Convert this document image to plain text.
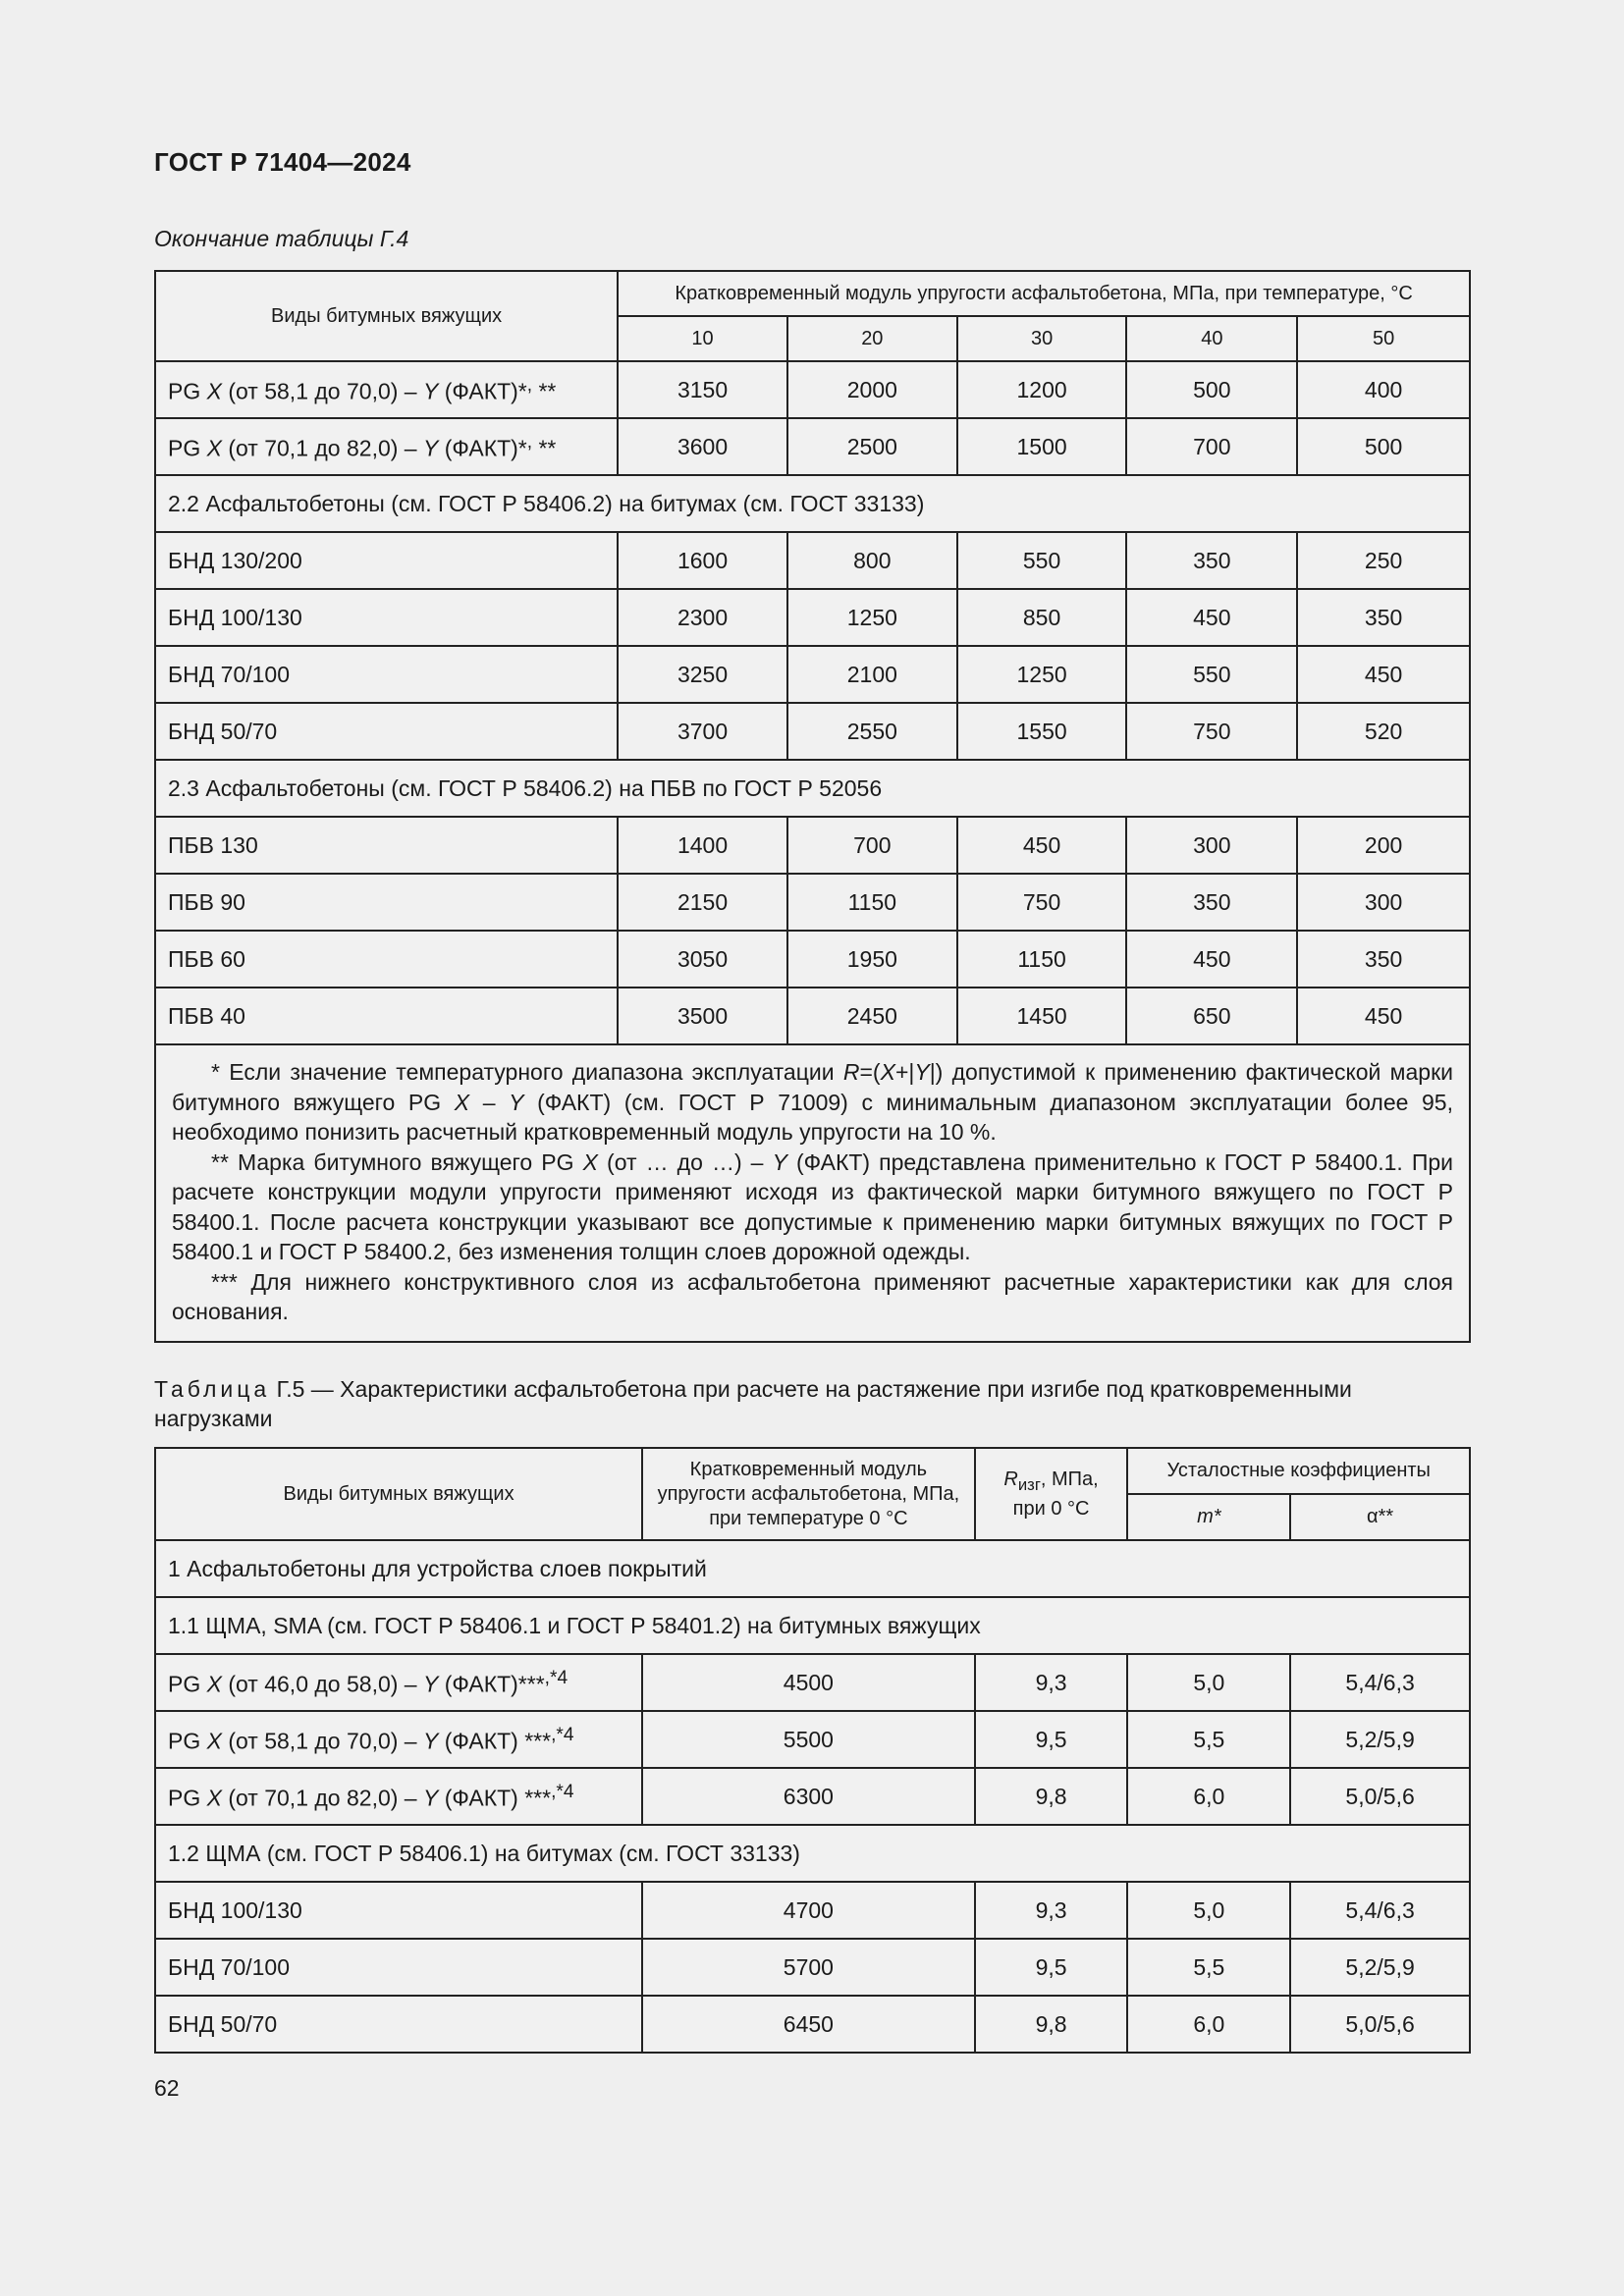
ГОСТ Р 71404—2024
Окончание таблицы Г.4
Виды битумных вяжущих	Кратковременный модуль упругости асфальтобетона, МПа, при температуре, °С				
	10	20	30	40	50
PG X (от 58,1 до 70,0) – Y (ФАКТ)*, **	3150	2000	1200	500	400
PG X (от 70,1 до 82,0) – Y (ФАКТ)*, **	3600	2500	1500	700	500
2.2 Асфальтобетоны (см. ГОСТ Р 58406.2) на битумах (см. ГОСТ 33133)					
БНД 130/200	1600	800	550	350	250
БНД 100/130	2300	1250	850	450	350
БНД 70/100	3250	2100	1250	550	450
БНД 50/70	3700	2550	1550	750	520
2.3 Асфальтобетоны (см. ГОСТ Р 58406.2) на ПБВ по ГОСТ Р 52056					
ПБВ 130	1400	700	450	300	200
ПБВ 90	2150	1150	750	350	300
ПБВ 60	3050	1950	1150	450	350
ПБВ 40	3500	2450	1450	650	450

* Если значение температурного диапазона эксплуатации R=(X+|Y|) допустимой к применению фактической марки битумного вяжущего PG X – Y (ФАКТ) (см. ГОСТ Р 71009) с минимальным диапазоном эксплуатации более 95, необходимо понизить расчетный кратковременный модуль упругости на 10 %.

** Марка битумного вяжущего PG X (от … до …) – Y (ФАКТ) представлена применительно к ГОСТ Р 58400.1. При расчете конструкции модули упругости применяют исходя из фактической марки битумного вяжущего по ГОСТ Р 58400.1. После расчета конструкции указывают все допустимые к применению марки битумных вяжущих по ГОСТ Р 58400.1 и ГОСТ Р 58400.2, без изменения толщин слоев дорожной одежды.

*** Для нижнего конструктивного слоя из асфальтобетона применяют расчетные характеристики как для слоя основания.					

Таблица Г.5 — Характеристики асфальтобетона при расчете на растяжение при изгибе под кратковременными нагрузками
Виды битумных вяжущих	Кратковременный модуль упругости асфальтобетона, МПа, при температуре 0 °С	$R_{изг}$, МПа, при 0 °С	Усталостные коэффициенты	
			m*	α**
1 Асфальтобетоны для устройства слоев покрытий				
1.1 ЩМА, SMA (см. ГОСТ Р 58406.1 и ГОСТ Р 58401.2) на битумных вяжущих				
PG X (от 46,0 до 58,0) – Y (ФАКТ)***$^{,*4}$	4500	9,3	5,0	5,4/6,3
PG X (от 58,1 до 70,0) – Y (ФАКТ) ***$^{,*4}$	5500	9,5	5,5	5,2/5,9
PG X (от 70,1 до 82,0) – Y (ФАКТ) ***$^{,*4}$	6300	9,8	6,0	5,0/5,6
1.2 ЩМА (см. ГОСТ Р 58406.1) на битумах (см. ГОСТ 33133)				
БНД 100/130	4700	9,3	5,0	5,4/6,3
БНД 70/100	5700	9,5	5,5	5,2/5,9
БНД 50/70	6450	9,8	6,0	5,0/5,6
62
